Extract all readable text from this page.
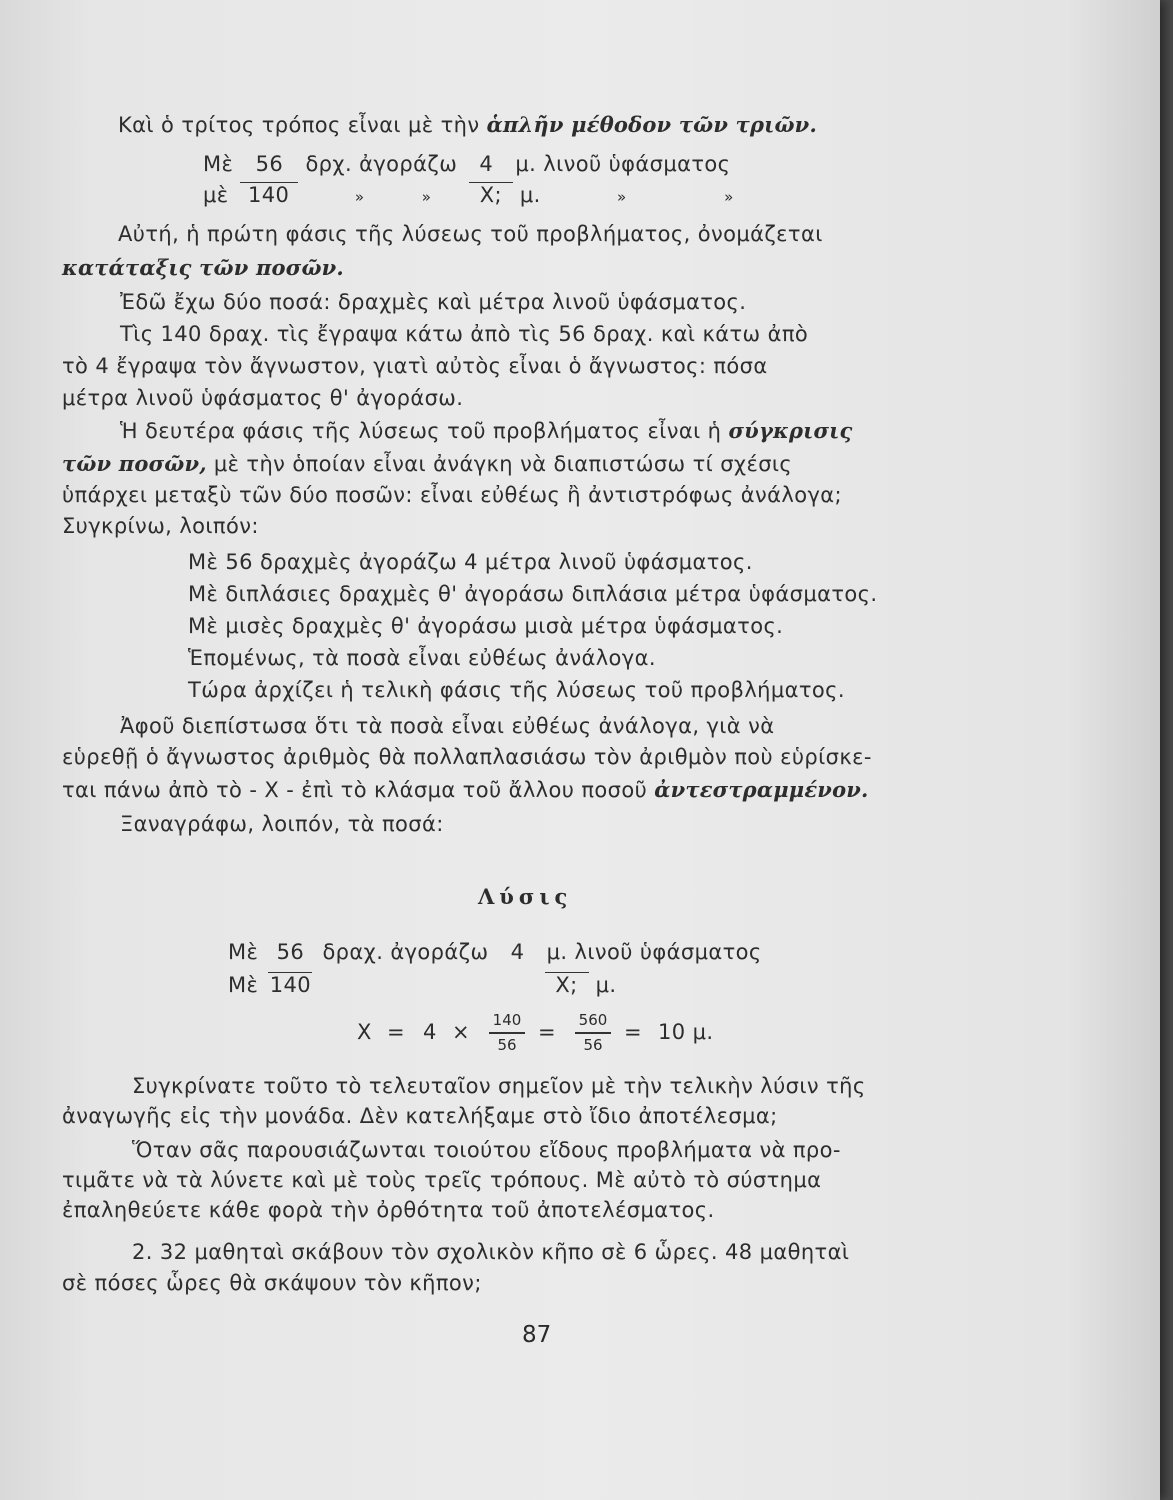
Καὶ ὁ τρίτος τρόπος εἶναι μὲ τὴν ἁπλῆν μέθοδον τῶν τριῶν.
Μὲ 56 δρχ. ἀγοράζω 4 μ. λινοῦ ὑφάσματος
μὲ 140	»	» Χ; μ.	»	»
Αὐτή, ἡ πρώτη φάσις τῆς λύσεως τοῦ προβλήματος, ὀνομάζεται
κατάταξις τῶν ποσῶν.
Ἐδῶ ἔχω δύο ποσά: δραχμὲς καὶ μέτρα λινοῦ ὑφάσματος.
Τὶς 140 δραχ. τὶς ἔγραψα κάτω ἀπὸ τὶς 56 δραχ. καὶ κάτω ἀπὸ
τὸ 4 ἔγραψα τὸν ἄγνωστον, γιατὶ αὐτὸς εἶναι ὁ ἄγνωστος: πόσα
μέτρα λινοῦ ὑφάσματος θ' ἀγοράσω.
Ἡ δευτέρα φάσις τῆς λύσεως τοῦ προβλήματος εἶναι ἡ σύγκρισις
τῶν ποσῶν, μὲ τὴν ὁποίαν εἶναι ἀνάγκη νὰ διαπιστώσω τί σχέσις
ὑπάρχει μεταξὺ τῶν δύο ποσῶν: εἶναι εὐθέως ἢ ἀντιστρόφως ἀνάλογα;
Συγκρίνω, λοιπόν:
Μὲ 56 δραχμὲς ἀγοράζω 4 μέτρα λινοῦ ὑφάσματος.
Μὲ διπλάσιες δραχμὲς θ' ἀγοράσω διπλάσια μέτρα ὑφάσματος.
Μὲ μισὲς δραχμὲς θ' ἀγοράσω μισὰ μέτρα ὑφάσματος.
Ἑπομένως, τὰ ποσὰ εἶναι εὐθέως ἀνάλογα.
Τώρα ἀρχίζει ἡ τελικὴ φάσις τῆς λύσεως τοῦ προβλήματος.
Ἀφοῦ διεπίστωσα ὅτι τὰ ποσὰ εἶναι εὐθέως ἀνάλογα, γιὰ νὰ
εὑρεθῇ ὁ ἄγνωστος ἀριθμὸς θὰ πολλαπλασιάσω τὸν ἀριθμὸν ποὺ εὑρίσκε-
ται πάνω ἀπὸ τὸ - Χ - ἐπὶ τὸ κλάσμα τοῦ ἄλλου ποσοῦ ἀντεστραμμένον.
Ξαναγράφω, λοιπόν, τὰ ποσά:
Λύσις
Μὲ 56 δραχ. ἀγοράζω 4 μ. λινοῦ ὑφάσματος
Μὲ 140	Χ; μ.
Χ = 4 ×	140
56
=	560
56
= 10 μ.
Συγκρίνατε τοῦτο τὸ τελευταῖον σημεῖον μὲ τὴν τελικὴν λύσιν τῆς
ἀναγωγῆς εἰς τὴν μονάδα. Δὲν κατελήξαμε στὸ ἴδιο ἀποτέλεσμα;
Ὅταν σᾶς παρουσιάζωνται τοιούτου εἴδους προβλήματα νὰ προ-
τιμᾶτε νὰ τὰ λύνετε καὶ μὲ τοὺς τρεῖς τρόπους. Μὲ αὐτὸ τὸ σύστημα
ἐπαληθεύετε κάθε φορὰ τὴν ὀρθότητα τοῦ ἀποτελέσματος.
2. 32 μαθηταὶ σκάβουν τὸν σχολικὸν κῆπο σὲ 6 ὧρες. 48 μαθηταὶ
σὲ πόσες ὧρες θὰ σκάψουν τὸν κῆπον;
87
